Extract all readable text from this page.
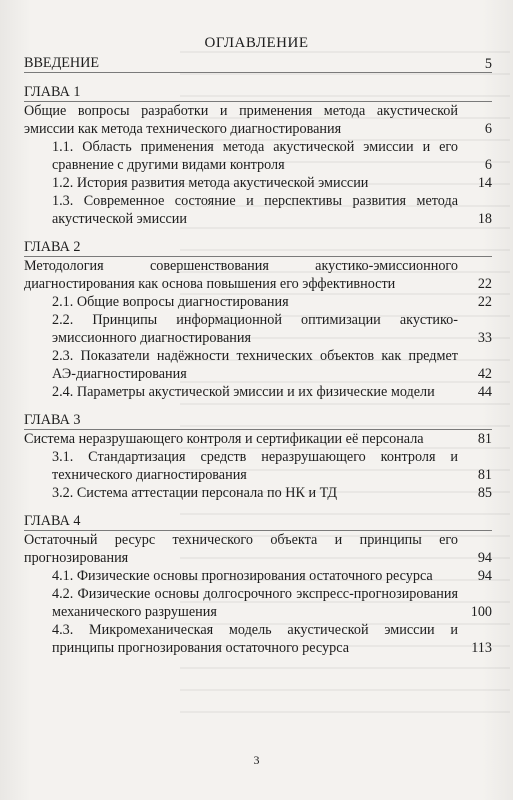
ОГЛАВЛЕНИЕ
ВВЕДЕНИЕ	5
ГЛАВА 1
Общие вопросы разработки и применения метода акустической эмиссии как метода технического диагностирования	6
1.1. Область применения метода акустической эмиссии и его сравнение с другими видами контроля	6
1.2. История развития метода акустической эмиссии	14
1.3. Современное состояние и перспективы развития метода акустической эмиссии	18
ГЛАВА 2
Методология совершенствования акустико-эмиссионного диагностирования как основа повышения его эффективности	22
2.1. Общие вопросы диагностирования	22
2.2. Принципы информационной оптимизации акустико-эмиссионного диагностирования	33
2.3. Показатели надёжности технических объектов как предмет АЭ-диагностирования	42
2.4. Параметры акустической эмиссии и их физические модели	44
ГЛАВА 3
Система неразрушающего контроля и сертификации её персонала	81
3.1. Стандартизация средств неразрушающего контроля и технического диагностирования	81
3.2. Система аттестации персонала по НК и ТД	85
ГЛАВА 4
Остаточный ресурс технического объекта и принципы его прогнозирования	94
4.1. Физические основы прогнозирования остаточного ресурса	94
4.2. Физические основы долгосрочного экспресс-прогнозирования механического разрушения	100
4.3. Микромеханическая модель акустической эмиссии и принципы прогнозирования остаточного ресурса	113
3
